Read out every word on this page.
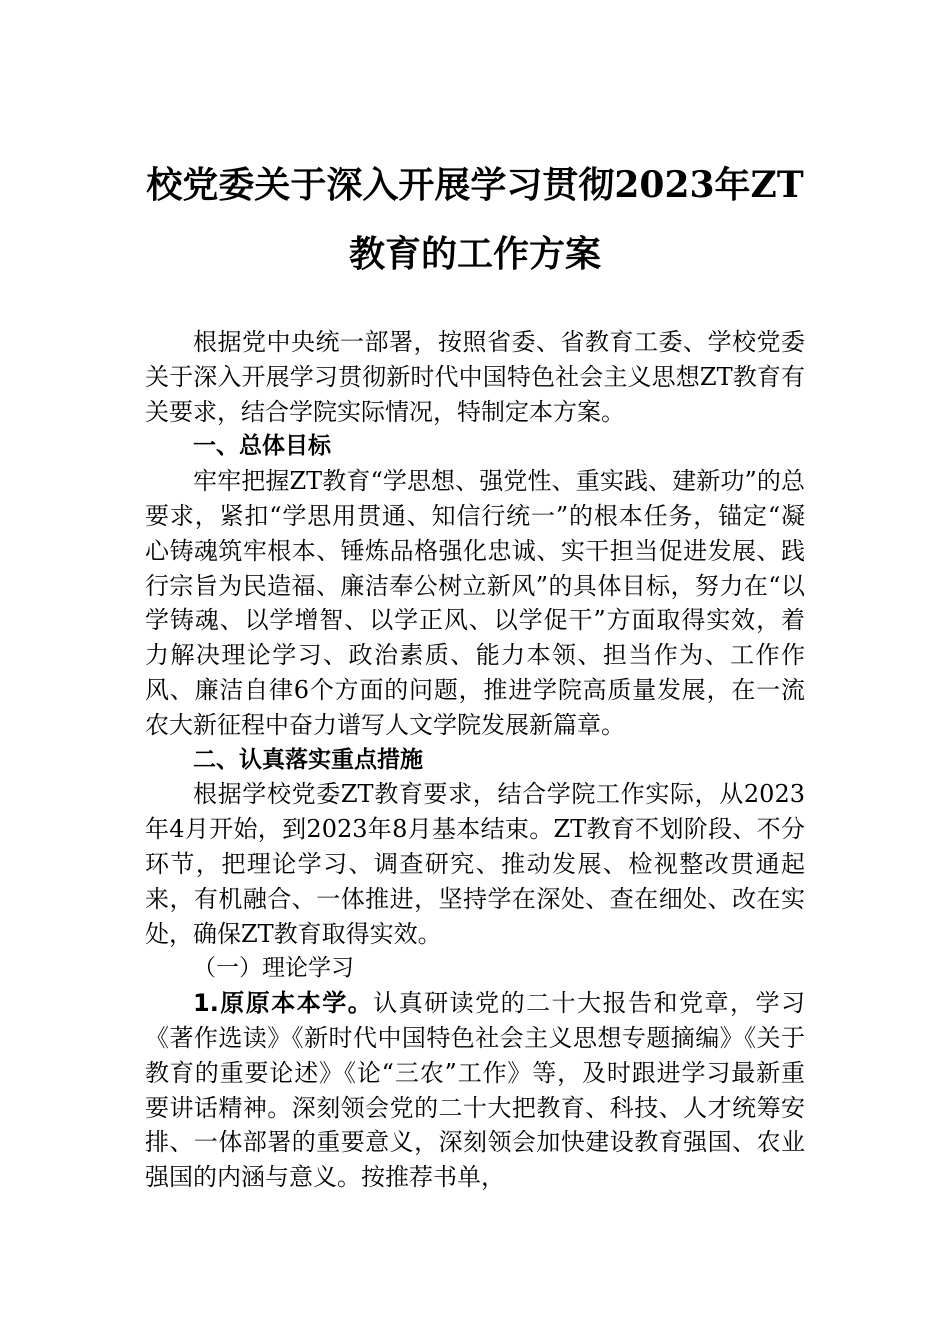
校党委关于深入开展学习贯彻2023年ZT
教育的工作方案

根据党中央统一部署，按照省委、省教育工委、学校党委关于深入开展学习贯彻新时代中国特色社会主义思想ZT教育有关要求，结合学院实际情况，特制定本方案。

一、总体目标

牢牢把握ZT教育“学思想、强党性、重实践、建新功”的总要求，紧扣“学思用贯通、知信行统一”的根本任务，锚定“凝心铸魂筑牢根本、锤炼品格强化忠诚、实干担当促进发展、践行宗旨为民造福、廉洁奉公树立新风”的具体目标，努力在“以学铸魂、以学增智、以学正风、以学促干”方面取得实效，着力解决理论学习、政治素质、能力本领、担当作为、工作作风、廉洁自律6个方面的问题，推进学院高质量发展，在一流农大新征程中奋力谱写人文学院发展新篇章。

二、认真落实重点措施

根据学校党委ZT教育要求，结合学院工作实际，从2023年4月开始，到2023年8月基本结束。ZT教育不划阶段、不分环节，把理论学习、调查研究、推动发展、检视整改贯通起来，有机融合、一体推进，坚持学在深处、查在细处、改在实处，确保ZT教育取得实效。

（一）理论学习

1.原原本本学。认真研读党的二十大报告和党章，学习《著作选读》《新时代中国特色社会主义思想专题摘编》《关于教育的重要论述》《论“三农”工作》等，及时跟进学习最新重要讲话精神。深刻领会党的二十大把教育、科技、人才统筹安排、一体部署的重要意义，深刻领会加快建设教育强国、农业强国的内涵与意义。按推荐书单，
